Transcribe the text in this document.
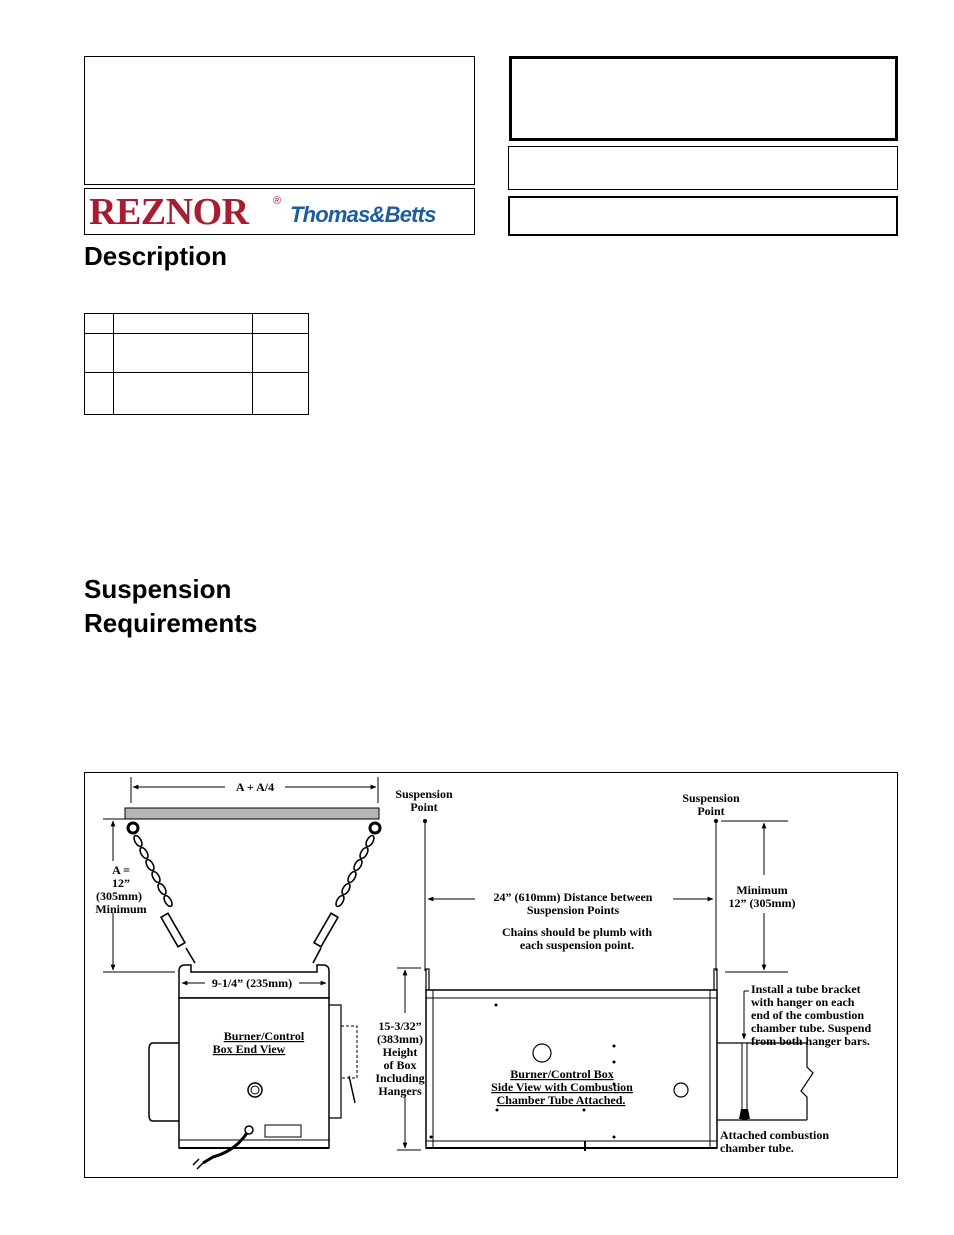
REZNOR ®
Thomas&Betts
Description

Suspension
Requirements
A + A/4
A =
12”
(305mm)
Minimum
9-1/4” (235mm)
Burner/Control
Box End View
Suspension
Point
Suspension
Point
24” (610mm) Distance between
Suspension Points
Chains should be plumb with
each suspension point.
Minimum
12” (305mm)
15-3/32”
(383mm)
Height
of Box
Including
Hangers
Burner/Control Box
Side View with Combustion
Chamber Tube Attached.
Install a tube bracket
with hanger on each
end of the combustion
chamber tube. Suspend
from both hanger bars.
Attached combustion
chamber tube.
